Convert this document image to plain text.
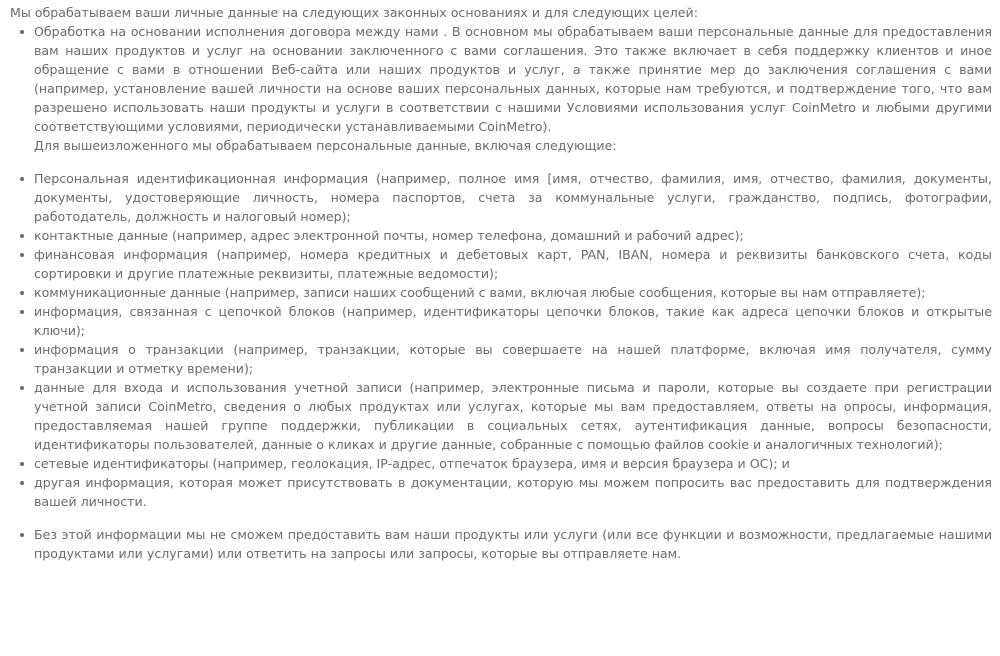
Мы обрабатываем ваши личные данные на следующих законных основаниях и для следующих целей:

Обработка на основании исполнения договора между нами . В основном мы обрабатываем ваши персональные данные для предоставления вам наших продуктов и услуг на основании заключенного с вами соглашения. Это также включает в себя поддержку клиентов и иное обращение с вами в отношении Веб-сайта или наших продуктов и услуг, а также принятие мер до заключения соглашения с вами (например, установление вашей личности на основе ваших персональных данных, которые нам требуются, и подтверждение того, что вам разрешено использовать наши продукты и услуги в соответствии с нашими Условиями использования услуг CoinMetro и любыми другими соответствующими условиями, периодически устанавливаемыми CoinMetro).
Для вышеизложенного мы обрабатываем персональные данные, включая следующие:
Персональная идентификационная информация (например, полное имя [имя, отчество, фамилия, имя, отчество, фамилия, документы, документы, удостоверяющие личность, номера паспортов, счета за коммунальные услуги, гражданство, подпись, фотографии, работодатель, должность и налоговый номер);
контактные данные (например, адрес электронной почты, номер телефона, домашний и рабочий адрес);
финансовая информация (например, номера кредитных и дебетовых карт, PAN, IBAN, номера и реквизиты банковского счета, коды сортировки и другие платежные реквизиты, платежные ведомости);
коммуникационные данные (например, записи наших сообщений с вами, включая любые сообщения, которые вы нам отправляете);
информация, связанная с цепочкой блоков (например, идентификаторы цепочки блоков, такие как адреса цепочки блоков и открытые ключи);
информация о транзакции (например, транзакции, которые вы совершаете на нашей платформе, включая имя получателя, сумму транзакции и отметку времени);
данные для входа и использования учетной записи (например, электронные письма и пароли, которые вы создаете при регистрации учетной записи CoinMetro, сведения о любых продуктах или услугах, которые мы вам предоставляем, ответы на опросы, информация, предоставляемая нашей группе поддержки, публикации в социальных сетях, аутентификация данные, вопросы безопасности, идентификаторы пользователей, данные о кликах и другие данные, собранные с помощью файлов cookie и аналогичных технологий);
сетевые идентификаторы (например, геолокация, IP-адрес, отпечаток браузера, имя и версия браузера и ОС); и
другая информация, которая может присутствовать в документации, которую мы можем попросить вас предоставить для подтверждения вашей личности.
Без этой информации мы не сможем предоставить вам наши продукты или услуги (или все функции и возможности, предлагаемые нашими продуктами или услугами) или ответить на запросы или запросы, которые вы отправляете нам.
